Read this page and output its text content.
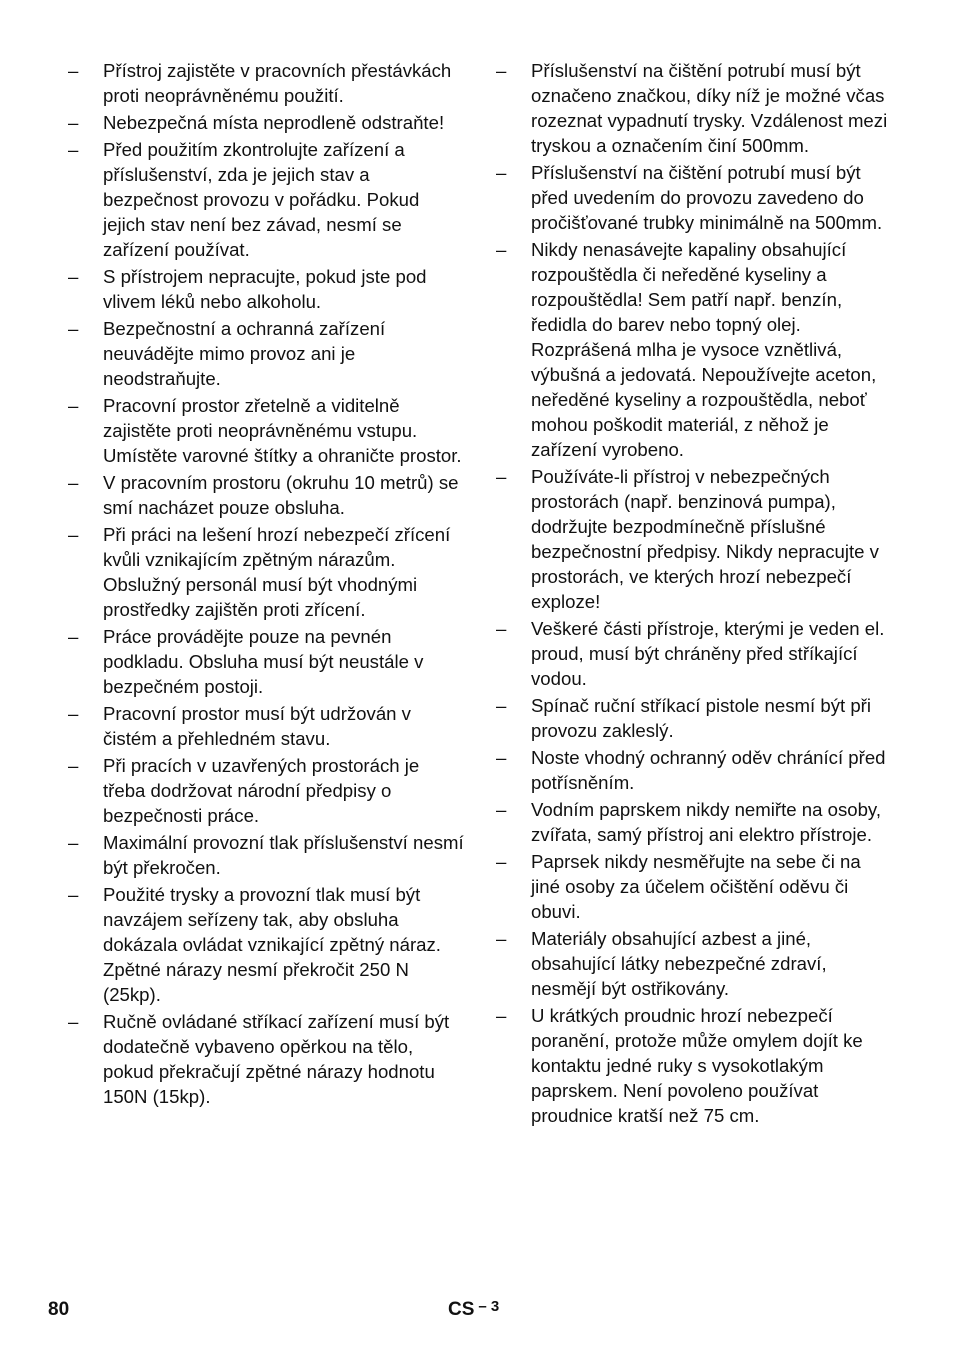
–	Přístroj zajistěte v pracovních přestávkách proti neoprávněnému použití.
–	Nebezpečná místa neprodleně odstraňte!
–	Před použitím zkontrolujte zařízení a příslušenství, zda je jejich stav a bezpečnost provozu v pořádku. Pokud jejich stav není bez závad, nesmí se zařízení používat.
–	S přístrojem nepracujte, pokud jste pod vlivem léků nebo alkoholu.
–	Bezpečnostní a ochranná zařízení neuvádějte mimo provoz ani je neodstraňujte.
–	Pracovní prostor zřetelně a viditelně zajistěte proti neoprávněnému vstupu. Umístěte varovné štítky a ohraničte prostor.
–	V pracovním prostoru (okruhu 10 metrů) se smí nacházet pouze obsluha.
–	Při práci na lešení hrozí nebezpečí zřícení kvůli vznikajícím zpětným nárazům. Obslužný personál musí být vhodnými prostředky zajištěn proti zřícení.
–	Práce provádějte pouze na pevnén podkladu. Obsluha musí být neustále v bezpečném postoji.
–	Pracovní prostor musí být udržován v čistém a přehledném stavu.
–	Při pracích v uzavřených prostorách je třeba dodržovat národní předpisy o bezpečnosti práce.
–	Maximální provozní tlak příslušenství nesmí být překročen.
–	Použité trysky a provozní tlak musí být navzájem seřízeny tak, aby obsluha dokázala ovládat vznikající zpětný náraz. Zpětné nárazy nesmí překročit 250 N (25kp).
–	Ručně ovládané stříkací zařízení musí být dodatečně vybaveno opěrkou na tělo, pokud překračují zpětné nárazy hodnotu 150N (15kp).
–	Příslušenství na čištění potrubí musí být označeno značkou, díky níž je možné včas rozeznat vypadnutí trysky. Vzdálenost mezi tryskou a označením činí 500mm.
–	Příslušenství na čištění potrubí musí být před uvedením do provozu zavedeno do pročišťované trubky minimálně na 500mm.
–	Nikdy nenasávejte kapaliny obsahující rozpouštědla či neředěné kyseliny a rozpouštědla! Sem patří např. benzín, ředidla do barev nebo topný olej. Rozprášená mlha je vysoce vznětlivá, výbušná a jedovatá. Nepoužívejte aceton, neředěné kyseliny a rozpouštědla, neboť mohou poškodit materiál, z něhož je zařízení vyrobeno.
–	Používáte-li přístroj v nebezpečných prostorách (např. benzinová pumpa), dodržujte bezpodmínečně příslušné bezpečnostní předpisy. Nikdy nepracujte v prostorách, ve kterých hrozí nebezpečí exploze!
–	Veškeré části přístroje, kterými je veden el. proud, musí být chráněny před stříkající vodou.
–	Spínač ruční stříkací pistole nesmí být při provozu zakleslý.
–	Noste vhodný ochranný oděv chránící před potřísněním.
–	Vodním paprskem nikdy nemiřte na osoby, zvířata, samý přístroj ani elektro přístroje.
–	Paprsek nikdy nesměřujte na sebe či na jiné osoby za účelem očištění oděvu či obuvi.
–	Materiály obsahující azbest a jiné, obsahující látky nebezpečné zdraví, nesmějí být ostřikovány.
–	U krátkých proudnic hrozí nebezpečí poranění, protože může omylem dojít ke kontaktu jedné ruky s vysokotlakým paprskem. Není povoleno používat proudnice kratší než 75 cm.
80	CS $^{- 3}$
